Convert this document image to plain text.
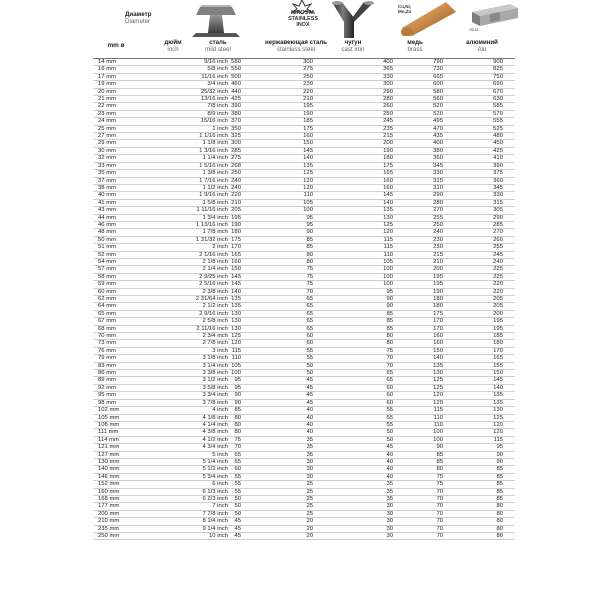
Диаметр
Diameter
NIROSTA
STAINLESS
INOX
Cu,Ni,
Mn,Zn
ALU
mm ø	дюйм
inch
сталь
mild steel
нержавеющая сталь
stainless steel
чугун
cast iron
медь
brass
алюминий
Alu
14 mm	9/16 inch 580	300	400	790	900
16 mm	5/8 inch 550	275	365	730	825
17 mm	11/16 inch 500	250	330	665	750
19 mm	3/4 inch 460	230	300	600	690
20 mm	25/32 inch 440	220	290	580	670
21 mm	13/16 inch 425	210	280	560	630
22 mm	7/8 inch 390	195	260	520	585
23 mm	8/9 inch 380	190	250	520	570
24 mm	15/16 inch 370	185	245	495	555
25 mm	1 inch 350	175	235	470	525
27 mm	1 1/16 inch 325	160	215	435	480
29 mm	1 1/8 inch 300	150	200	400	450
30 mm	1 3/16 inch 285	145	190	380	425
32 mm	1 1/4 inch 275	140	180	360	410
33 mm	1 5/16 inch 268	135	175	345	390
35 mm	1 3/8 inch 250	125	165	330	375
37 mm	1 7/16 inch 240	120	160	315	360
38 mm	1 1/2 inch 240	120	160	310	345
40 mm	1 9/16 inch 220	110	145	290	330
41 mm	1 5/8 inch 210	105	140	280	315
43 mm	1 11/16 inch 205	100	135	270	305
44 mm	1 3/4 inch 195	95	130	255	290
46 mm	1 13/16 inch 190	95	125	250	285
48 mm	1 7/8 inch 180	90	120	240	270
50 mm	1 31/32 inch 175	85	115	230	260
51 mm	2 inch 170	85	115	230	255
52 mm	2 1/16 inch 165	80	110	215	245
54 mm	2 1/8 inch 160	80	105	210	240
57 mm	2 1/4 inch 150	75	100	200	225
58 mm	2 9/25 inch 145	75	100	195	225
59 mm	2 5/16 inch 145	75	100	195	220
60 mm	2 3/8 inch 140	70	95	190	220
62 mm	2 31/64 inch 135	65	90	180	205
64 mm	2 1/2 inch 135	65	90	180	205
65 mm	2 9/16 inch 130	65	85	175	200
67 mm	2 5/8 inch 130	65	85	170	195
68 mm	2 11/16 inch 130	65	85	170	195
70 mm	2 3/4 inch 125	60	80	160	185
73 mm	2 7/8 inch 120	60	80	160	180
76 mm	3 inch 115	55	75	150	170
79 mm	3 1/8 inch 110	55	70	140	165
83 mm	3 1/4 inch 105	50	70	135	155
86 mm	3 3/8 inch 100	50	65	130	150
89 mm	3 1/2 inch	95	45	65	125	145
92 mm	3 5/8 inch	95	45	60	125	140
95 mm	3 3/4 inch	90	45	60	120	135
98 mm	3 7/8 inch	90	45	60	120	135
102 mm	4 inch	85	40	55	115	130
105 mm	4 1/8 inch	80	40	55	110	125
108 mm	4 1/4 inch	80	40	55	110	120
111 mm	4 3/8 inch	80	40	50	100	120
114 mm	4 1/2 inch	75	35	50	100	115
121 mm	4 3/4 inch	70	35	45	90	95
127 mm	5 inch	65	35	40	85	90
130 mm	5 1/4 inch	65	30	40	85	90
140 mm	5 1/2 inch	60	30	40	80	85
146 mm	5 3/4 inch	55	30	40	75	85
152 mm	6 inch	55	25	35	75	85
160 mm	6 1/3 inch	55	25	35	70	85
168 mm	6 2/3 inch	50	25	35	70	85
177 mm	7 inch	50	25	30	70	80
200 mm	7 7/8 inch	50	25	30	70	80
210 mm	8 1/4 inch	45	20	30	70	80
235 mm	9 1/4 inch	45	20	30	70	80
250 mm	10 inch	45	20	30	70	80
